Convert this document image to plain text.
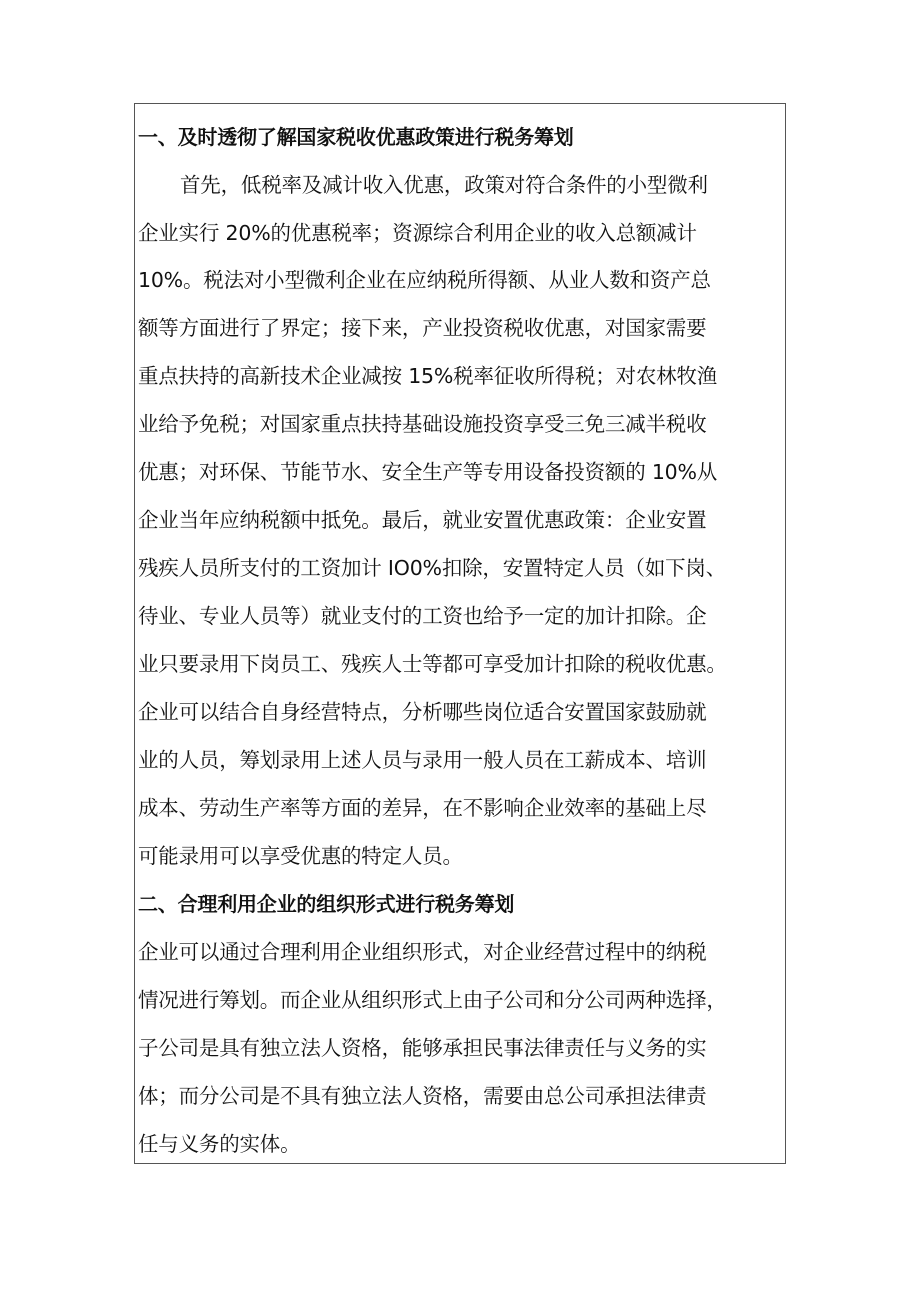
一、及时透彻了解国家税收优惠政策进行税务筹划
首先，低税率及减计收入优惠，政策对符合条件的小型微利
企业实行 20%的优惠税率；资源综合利用企业的收入总额减计
10%。税法对小型微利企业在应纳税所得额、从业人数和资产总
额等方面进行了界定；接下来，产业投资税收优惠，对国家需要
重点扶持的高新技术企业减按 15%税率征收所得税；对农林牧渔
业给予免税；对国家重点扶持基础设施投资享受三免三减半税收
优惠；对环保、节能节水、安全生产等专用设备投资额的 10%从
企业当年应纳税额中抵免。最后，就业安置优惠政策：企业安置
残疾人员所支付的工资加计 IO0%扣除，安置特定人员（如下岗、
待业、专业人员等）就业支付的工资也给予一定的加计扣除。企
业只要录用下岗员工、残疾人士等都可享受加计扣除的税收优惠。
企业可以结合自身经营特点，分析哪些岗位适合安置国家鼓励就
业的人员，筹划录用上述人员与录用一般人员在工薪成本、培训
成本、劳动生产率等方面的差异，在不影响企业效率的基础上尽
可能录用可以享受优惠的特定人员。
二、合理利用企业的组织形式进行税务筹划
企业可以通过合理利用企业组织形式，对企业经营过程中的纳税
情况进行筹划。而企业从组织形式上由子公司和分公司两种选择，
子公司是具有独立法人资格，能够承担民事法律责任与义务的实
体；而分公司是不具有独立法人资格，需要由总公司承担法律责
任与义务的实体。
